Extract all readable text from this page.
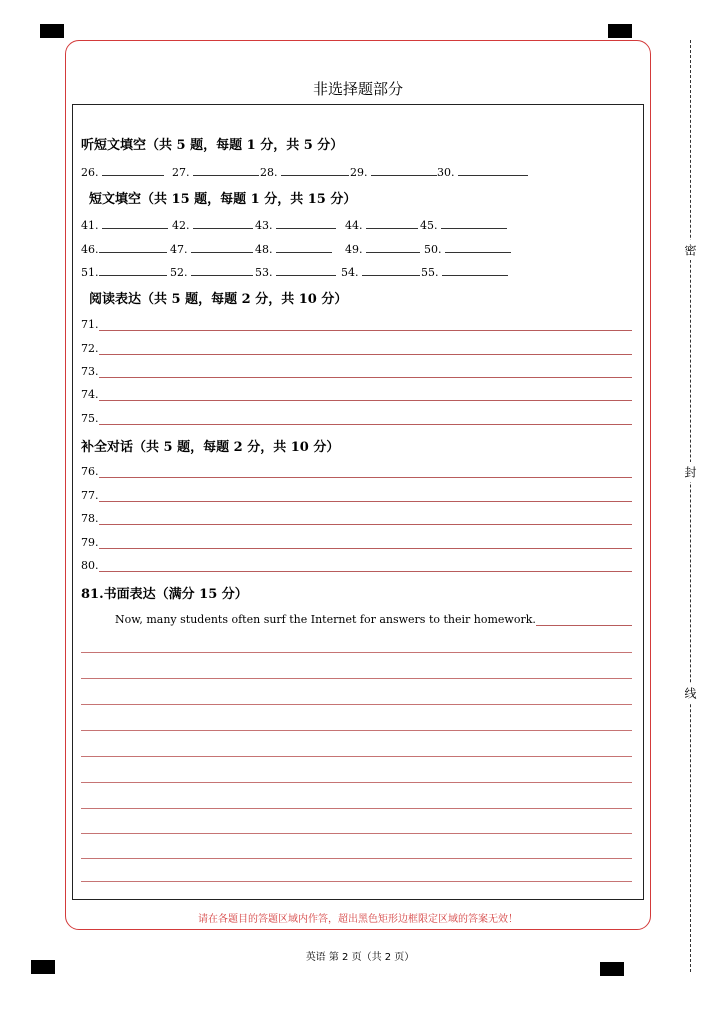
非选择题部分
听短文填空（共 5 题，每题 1 分，共 5 分）
26.	27.	28.	29.	30.
短文填空（共 15 题，每题 1 分，共 15 分）
41.	42.	43.	44.	45.
46.	47.	48.	49.	50.
51.	52.	53.	54.	55.
阅读表达（共 5 题，每题 2 分，共 10 分）
71.
72.
73.
74.
75.
补全对话（共 5 题，每题 2 分，共 10 分）
76.
77.
78.
79.
80.
81.书面表达（满分 15 分）
Now, many students often surf the Internet for answers to their homework.
请在各题目的答题区域内作答，超出黑色矩形边框限定区域的答案无效！
英语 第 2 页（共 2 页）
密
封
线
